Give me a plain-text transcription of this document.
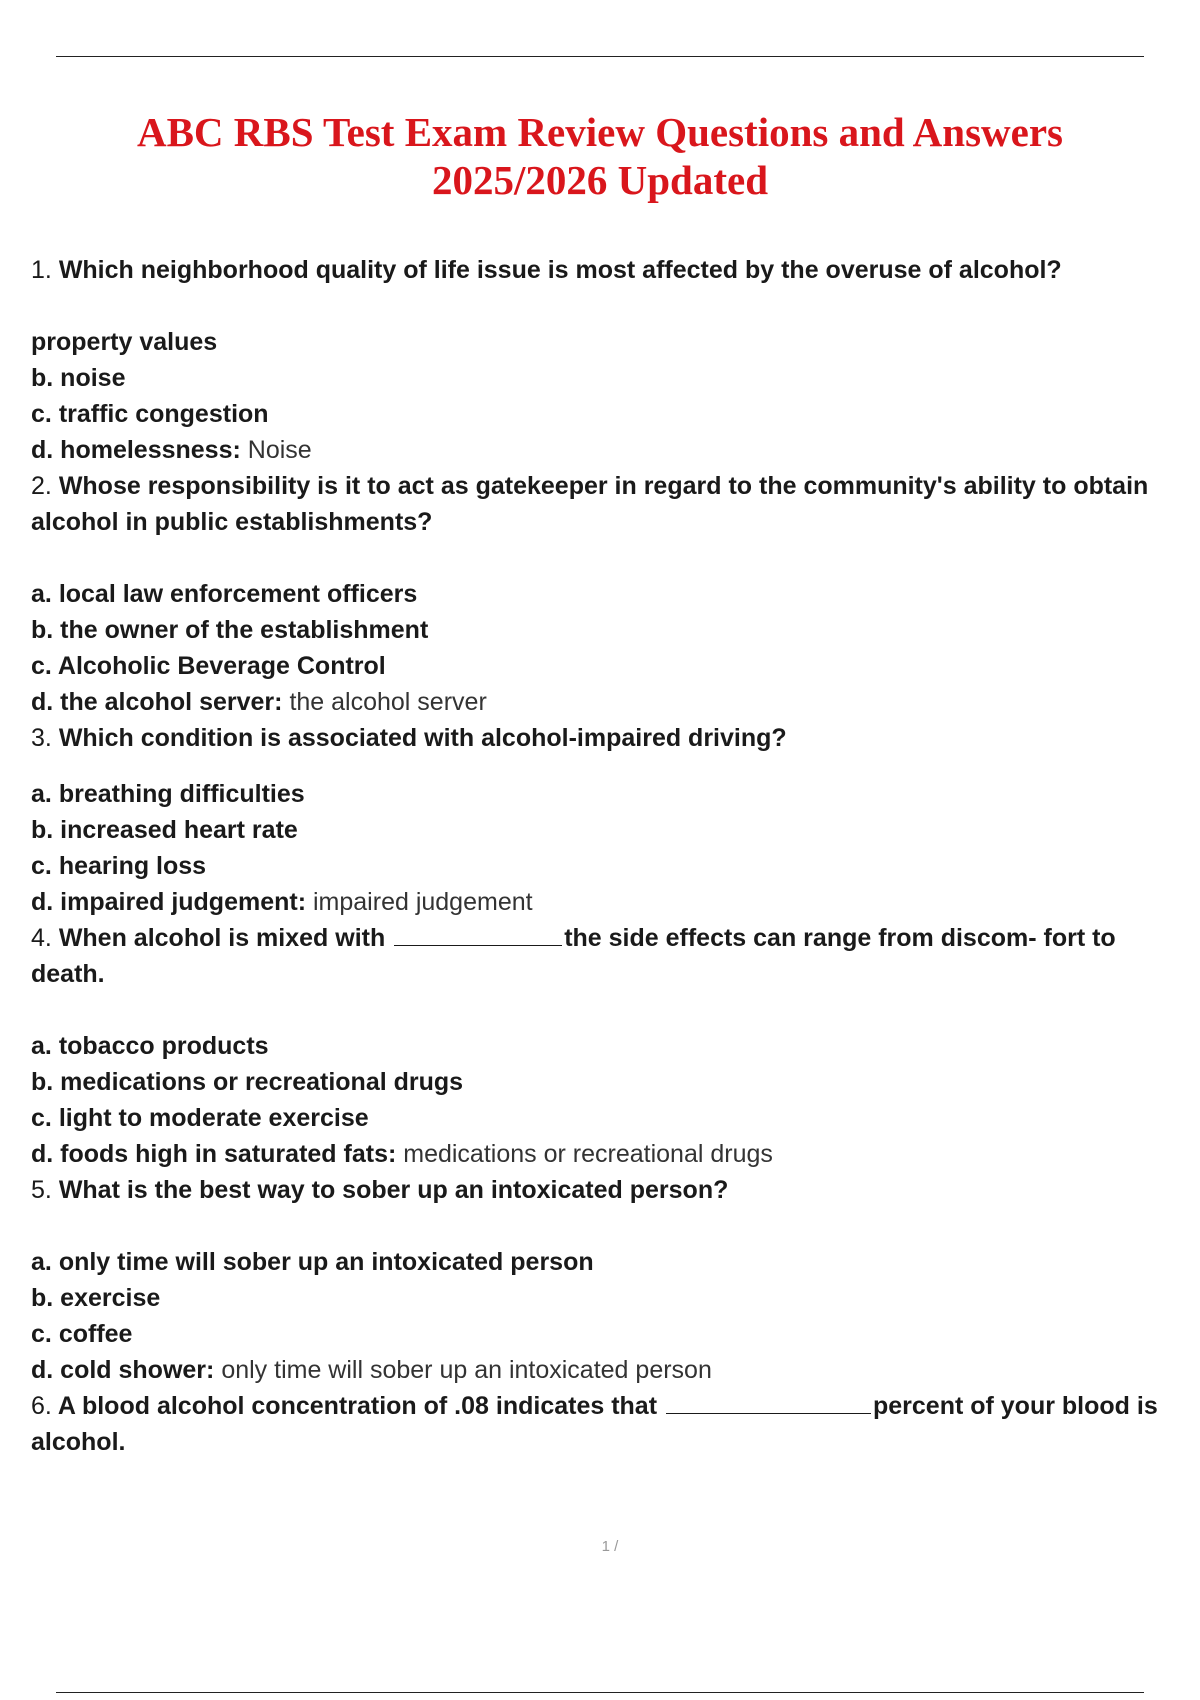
ABC RBS Test Exam Review Questions and Answers
2025/2026 Updated
1. Which neighborhood quality of life issue is most affected by the overuse of alcohol?
property values
b. noise
c. traffic congestion
d. homelessness: Noise
2. Whose responsibility is it to act as gatekeeper in regard to the community's ability to obtain alcohol in public establishments?
a. local law enforcement officers
b. the owner of the establishment
c. Alcoholic Beverage Control
d. the alcohol server: the alcohol server
3. Which condition is associated with alcohol-impaired driving?
a. breathing difficulties
b. increased heart rate
c. hearing loss
d. impaired judgement: impaired judgement
4. When alcohol is mixed with	the side effects can range from discom- fort to death.
a. tobacco products
b. medications or recreational drugs
c. light to moderate exercise
d. foods high in saturated fats: medications or recreational drugs
5. What is the best way to sober up an intoxicated person?
a. only time will sober up an intoxicated person
b. exercise
c. coffee
d. cold shower: only time will sober up an intoxicated person
6. A blood alcohol concentration of .08 indicates that	percent of your blood is alcohol.
1 /
